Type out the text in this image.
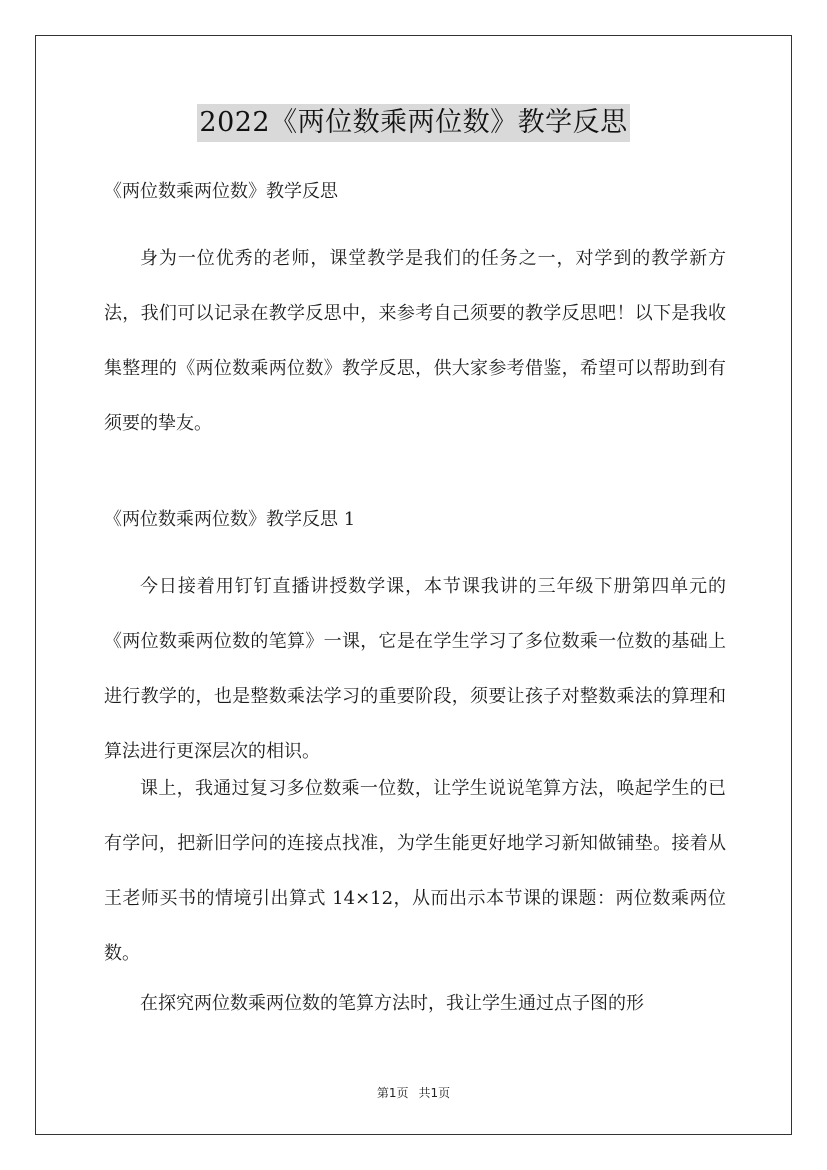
2022《两位数乘两位数》教学反思
《两位数乘两位数》教学反思

身为一位优秀的老师，课堂教学是我们的任务之一，对学到的教学新方法，我们可以记录在教学反思中，来参考自己须要的教学反思吧！以下是我收集整理的《两位数乘两位数》教学反思，供大家参考借鉴，希望可以帮助到有须要的挚友。

《两位数乘两位数》教学反思 1

今日接着用钉钉直播讲授数学课，本节课我讲的三年级下册第四单元的《两位数乘两位数的笔算》一课，它是在学生学习了多位数乘一位数的基础上进行教学的，也是整数乘法学习的重要阶段，须要让孩子对整数乘法的算理和算法进行更深层次的相识。

课上，我通过复习多位数乘一位数，让学生说说笔算方法，唤起学生的已有学问，把新旧学问的连接点找准，为学生能更好地学习新知做铺垫。接着从王老师买书的情境引出算式 14×12，从而出示本节课的课题：两位数乘两位数。

在探究两位数乘两位数的笔算方法时，我让学生通过点子图的形

第1页 共1页
